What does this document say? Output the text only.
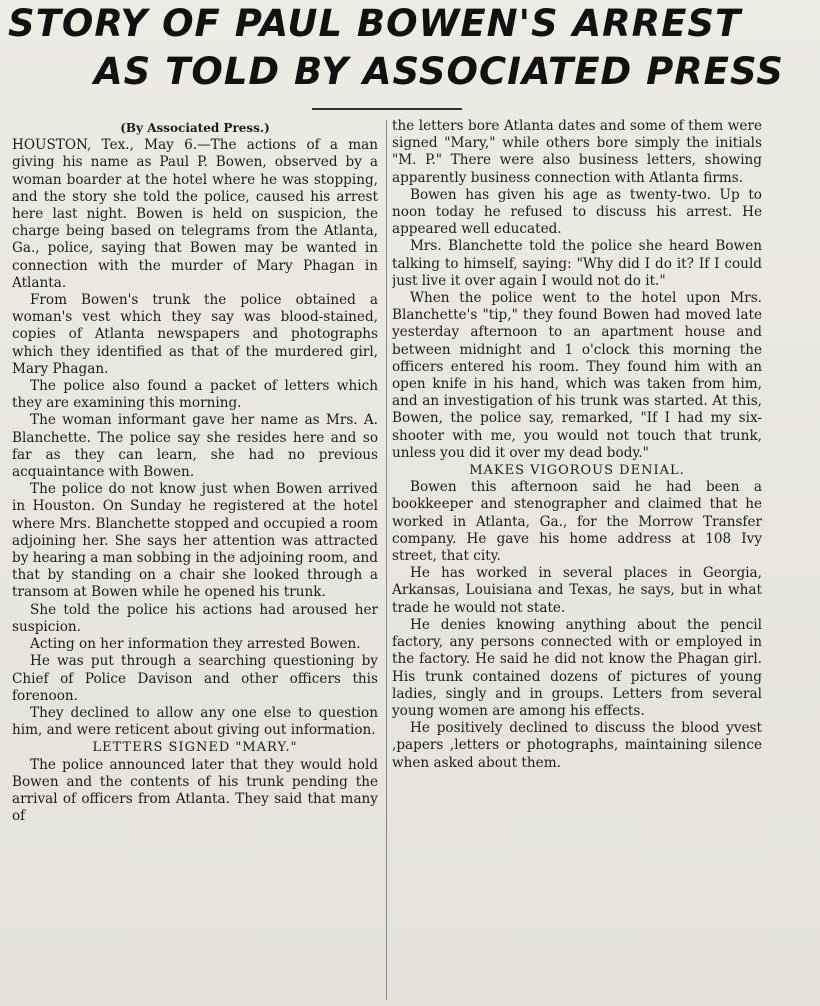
STORY OF PAUL BOWEN'S ARREST
AS TOLD BY ASSOCIATED PRESS

(By Associated Press.)

HOUSTON, Tex., May 6.—The actions of a man giving his name as Paul P. Bowen, observed by a woman boarder at the hotel where he was stopping, and the story she told the police, caused his arrest here last night. Bowen is held on suspicion, the charge being based on telegrams from the Atlanta, Ga., police, saying that Bowen may be wanted in connection with the murder of Mary Phagan in Atlanta.

From Bowen's trunk the police obtained a woman's vest which they say was blood-stained, copies of Atlanta newspapers and photographs which they identified as that of the murdered girl, Mary Phagan.

The police also found a packet of letters which they are examining this morning.

The woman informant gave her name as Mrs. A. Blanchette. The police say she resides here and so far as they can learn, she had no previous acquaintance with Bowen.

The police do not know just when Bowen arrived in Houston. On Sunday he registered at the hotel where Mrs. Blanchette stopped and occupied a room adjoining her. She says her attention was attracted by hearing a man sobbing in the adjoining room, and that by standing on a chair she looked through a transom at Bowen while he opened his trunk.

She told the police his actions had aroused her suspicion.

Acting on her information they arrested Bowen.

He was put through a searching questioning by Chief of Police Davison and other officers this forenoon.

They declined to allow any one else to question him, and were reticent about giving out information.

LETTERS SIGNED "MARY."

The police announced later that they would hold Bowen and the contents of his trunk pending the arrival of officers from Atlanta. They said that many of

the letters bore Atlanta dates and some of them were signed "Mary," while others bore simply the initials "M. P." There were also business letters, showing apparently business connection with Atlanta firms.

Bowen has given his age as twenty-two. Up to noon today he refused to discuss his arrest. He appeared well educated.

Mrs. Blanchette told the police she heard Bowen talking to himself, saying: "Why did I do it? If I could just live it over again I would not do it."

When the police went to the hotel upon Mrs. Blanchette's "tip," they found Bowen had moved late yesterday afternoon to an apartment house and between midnight and 1 o'clock this morning the officers entered his room. They found him with an open knife in his hand, which was taken from him, and an investigation of his trunk was started. At this, Bowen, the police say, remarked, "If I had my six-shooter with me, you would not touch that trunk, unless you did it over my dead body."

MAKES VIGOROUS DENIAL.

Bowen this afternoon said he had been a bookkeeper and stenographer and claimed that he worked in Atlanta, Ga., for the Morrow Transfer company. He gave his home address at 108 Ivy street, that city.

He has worked in several places in Georgia, Arkansas, Louisiana and Texas, he says, but in what trade he would not state.

He denies knowing anything about the pencil factory, any persons connected with or employed in the factory. He said he did not know the Phagan girl. His trunk contained dozens of pictures of young ladies, singly and in groups. Letters from several young women are among his effects.

He positively declined to discuss the blood yvest ,papers ,letters or photographs, maintaining silence when asked about them.
